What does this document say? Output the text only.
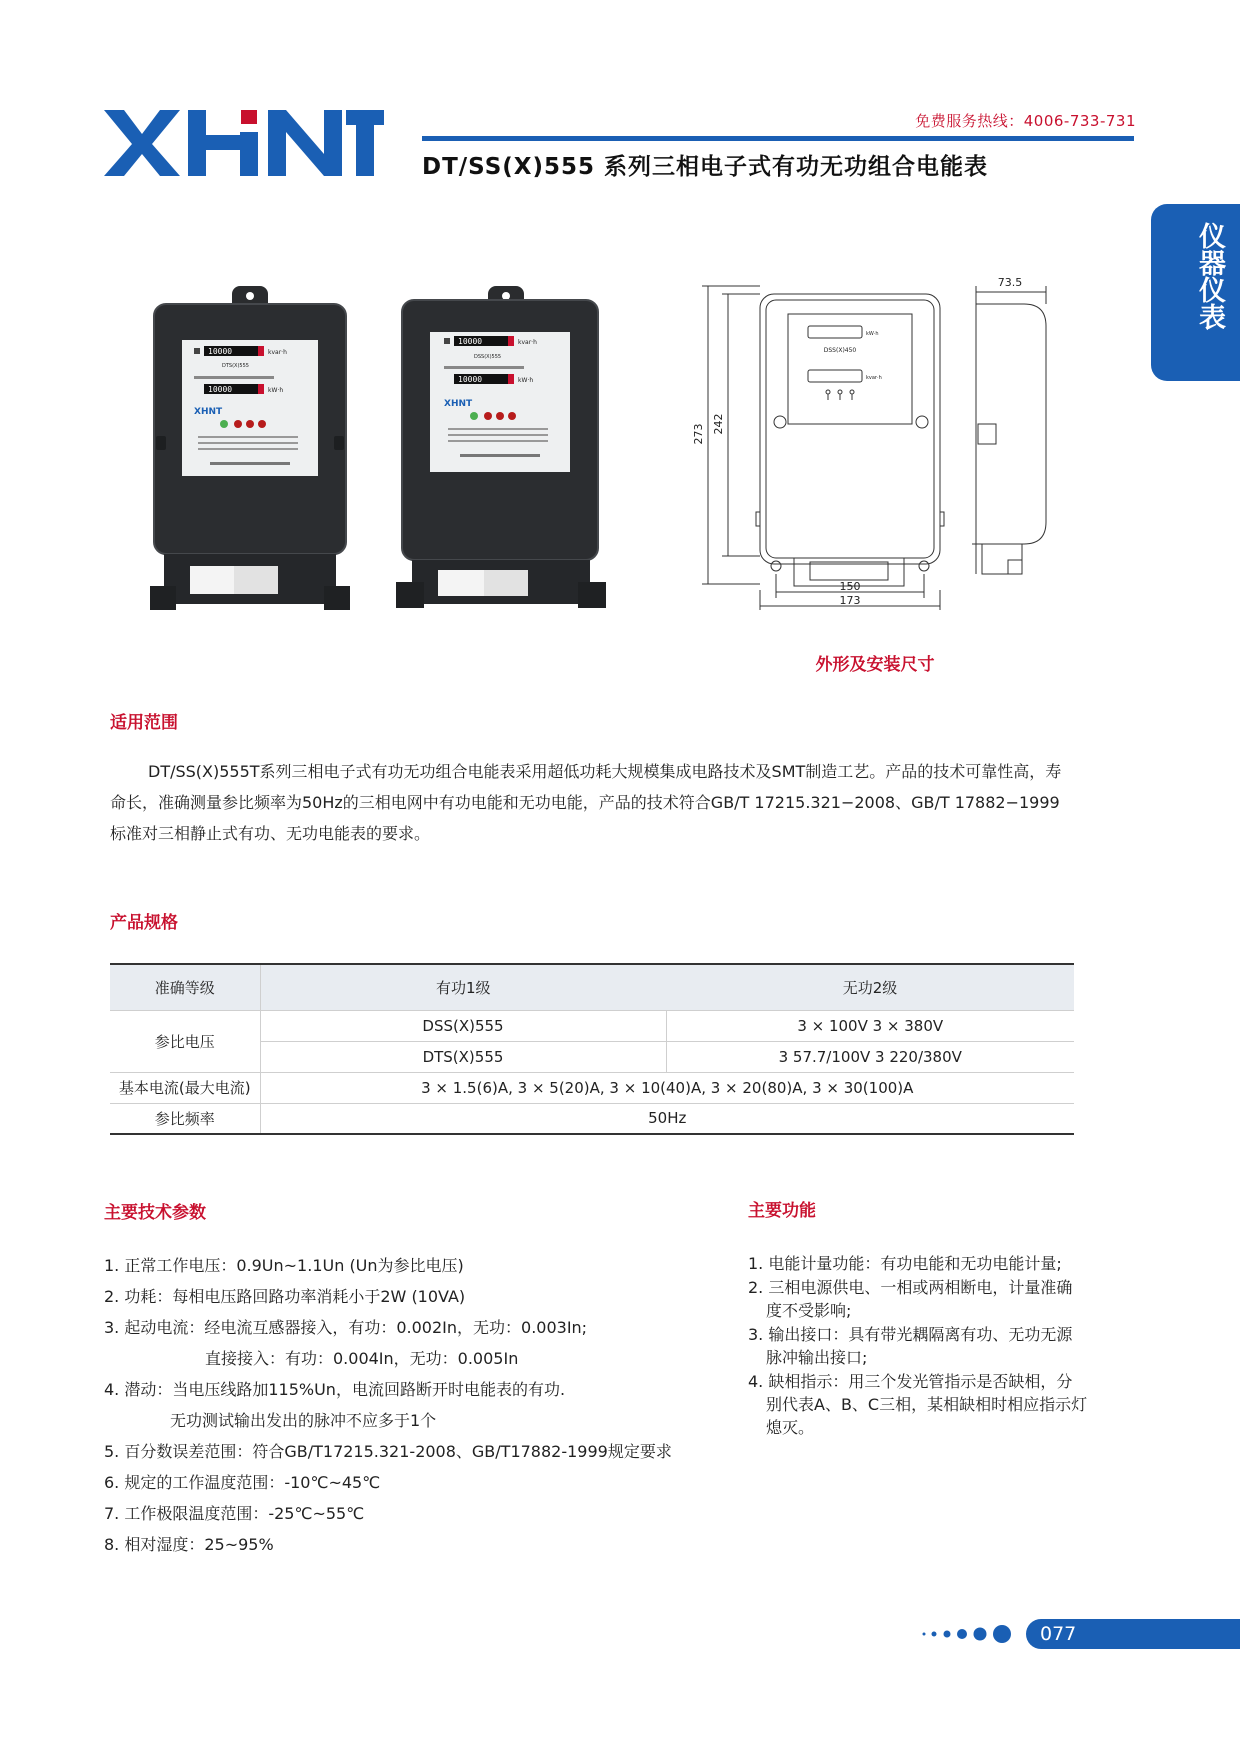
免费服务热线：4006-733-731
DT/SS(X)555 系列三相电子式有功无功组合电能表
仪器仪表
10000	kvar·h
DTS(X)555
10000	kW·h
XHNT
10000	kvar·h
DSS(X)555
10000	kW·h
XHNT
DSS(X)450
kW·h
kvar·h
273 242
150
173
73.5
外形及安装尺寸
适用范围

DT/SS(X)555T系列三相电子式有功无功组合电能表采用超低功耗大规模集成电路技术及SMT制造工艺。产品的技术可靠性高，寿命长，准确测量参比频率为50Hz的三相电网中有功电能和无功电能，产品的技术符合GB/T 17215.321−2008、GB/T 17882−1999标准对三相静止式有功、无功电能表的要求。

产品规格
准确等级	有功1级	无功2级
参比电压	DSS(X)555	3 × 100V 3 × 380V
	DTS(X)555	3 57.7/100V 3 220/380V
基本电流(最大电流)	3 × 1.5(6)A, 3 × 5(20)A, 3 × 10(40)A, 3 × 20(80)A, 3 × 30(100)A	
参比频率	50Hz	
主要技术参数
1. 正常工作电压：0.9Un~1.1Un (Un为参比电压)
2. 功耗：每相电压路回路功率消耗小于2W (10VA)
3. 起动电流：经电流互感器接入，有功：0.002In，无功：0.003In;
直接接入：有功：0.004In，无功：0.005In
4. 潜动：当电压线路加115%Un，电流回路断开时电能表的有功.
无功测试输出发出的脉冲不应多于1个
5. 百分数误差范围：符合GB/T17215.321-2008、GB/T17882-1999规定要求
6. 规定的工作温度范围：-10℃~45℃
7. 工作极限温度范围：-25℃~55℃
8. 相对湿度：25~95%
主要功能
1. 电能计量功能：有功电能和无功电能计量;
2. 三相电源供电、一相或两相断电，计量准确度不受影响;
3. 输出接口：具有带光耦隔离有功、无功无源脉冲输出接口;
4. 缺相指示：用三个发光管指示是否缺相，分别代表A、B、C三相，某相缺相时相应指示灯熄灭。
077
